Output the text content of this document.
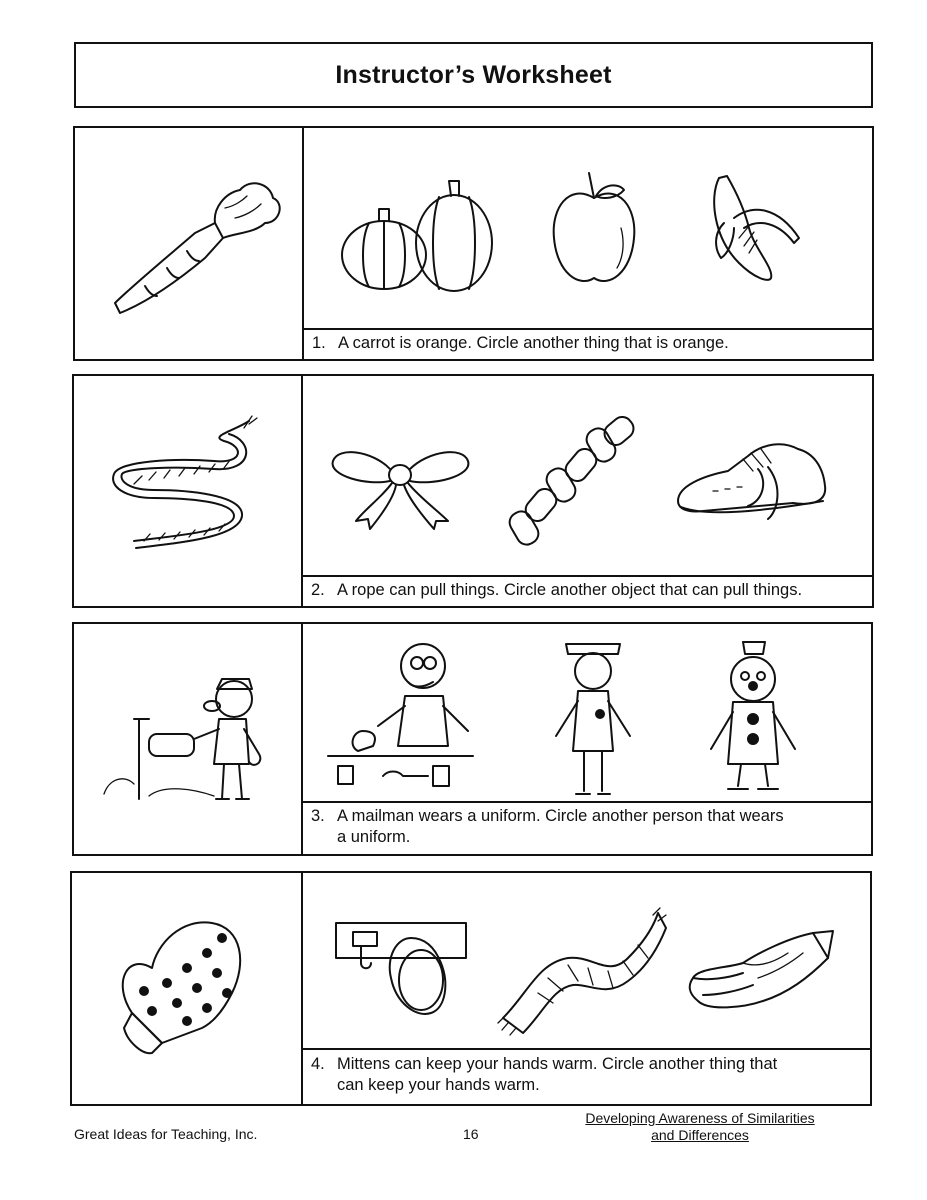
Instructor’s Worksheet
1. A carrot is orange. Circle another thing that is orange.
2. A rope can pull things. Circle another object that can pull things.
3. A mailman wears a uniform. Circle another person that wears
a uniform.
4. Mittens can keep your hands warm. Circle another thing that
can keep your hands warm.
Great Ideas for Teaching, Inc.	16
Developing Awareness of Similarities
and Differences
